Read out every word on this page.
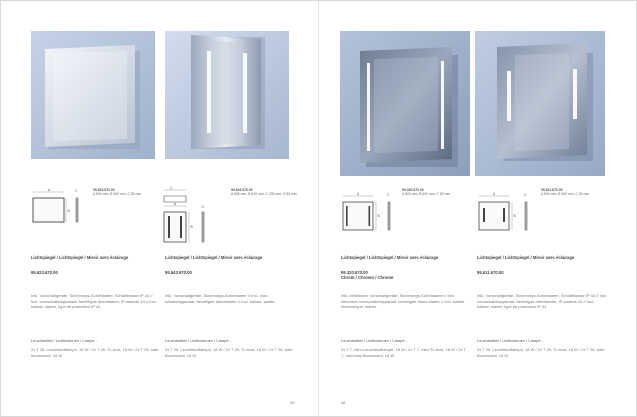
95.623.670.00
A 600 mm, B 600 mm, C 80 mm
95.643.670.00
A 665 mm, B 610 mm, C 205 mm, D 83 mm
A
B
C
C
A
B
D
Lichtspiegel / Lichtspiegel / Miroir avec éclairage
95.623.670.00
Inkl. Vorschaltgeräte, Sicherungs-Sofortstarter, Schubtblasse IP 44 // Incl. voorschakelapparaat, beveiligde directstarter, IP-waarde 44 // Incl. ballast, starter, type de protection IP 44
Leuchtmittel / Lichtbronnen / Lampe :
2x T 26, Leuchtstofflampe, 18 W / 2x T 26, TL-buis, 18 W / 2x T 26, tube fluorescent, 18 W
Lichtspiegel / Lichtspiegel / Miroir avec éclairage
95.643.670.00
Inkl. Vorschaltgeräte, Sicherungs-Sofortstarter // Incl. voor-schakelapparaat, beveiligde directstarter // Incl. ballast, starter
Leuchtmittel / Lichtbronnen / Lampe :
2x T 26, Leuchtstofflampe, 18 W / 2x T 26, TL-buis, 18 W / 2x T 26, tube fluorescent, 18 W
29
95.320.670.00
A 600 mm, B 600 mm, C 50 mm
95.611.670.00
A 600 mm, B 600 mm, C 50 mm
A
B
C	A
B
C
Lichtspiegel / Lichtspiegel / Miroir avec éclairage
95.320.670.00
Chrom / Chroom / Chrome
Inkl. elektrische Vorschaltgeräte, Sicherungs-Sofortstarter // Incl. electrisch voorschakelapparaat, beveiligde direct-starter // Incl. ballast électronique, starter
Leuchtmittel / Lichtbronnen / Lampe :
2x T 7, Mini-Leuchtstofflampe, 18 W / 2x T 7, mini-TL-buis, 18 W / 2x T 7, mini-tube fluorescent, 18 W
Lichtspiegel / Lichtspiegel / Miroir avec éclairage
95.611.670.00
Inkl. Vorschaltgeräte, Sicherungs-Sofortstarter, Schubtblasse IP 44 // Incl. voorschakelapparaat, beveiligde directstarter, IP-waarde 44 // Incl. ballast, starter, type de protection IP 44
Leuchtmittel / Lichtbronnen / Lampe :
2x T 26, Leuchtstofflampe, 18 W / 2x T 26, TL-buis, 18 W / 2x T 26, tube fluorescent, 18 W
46
